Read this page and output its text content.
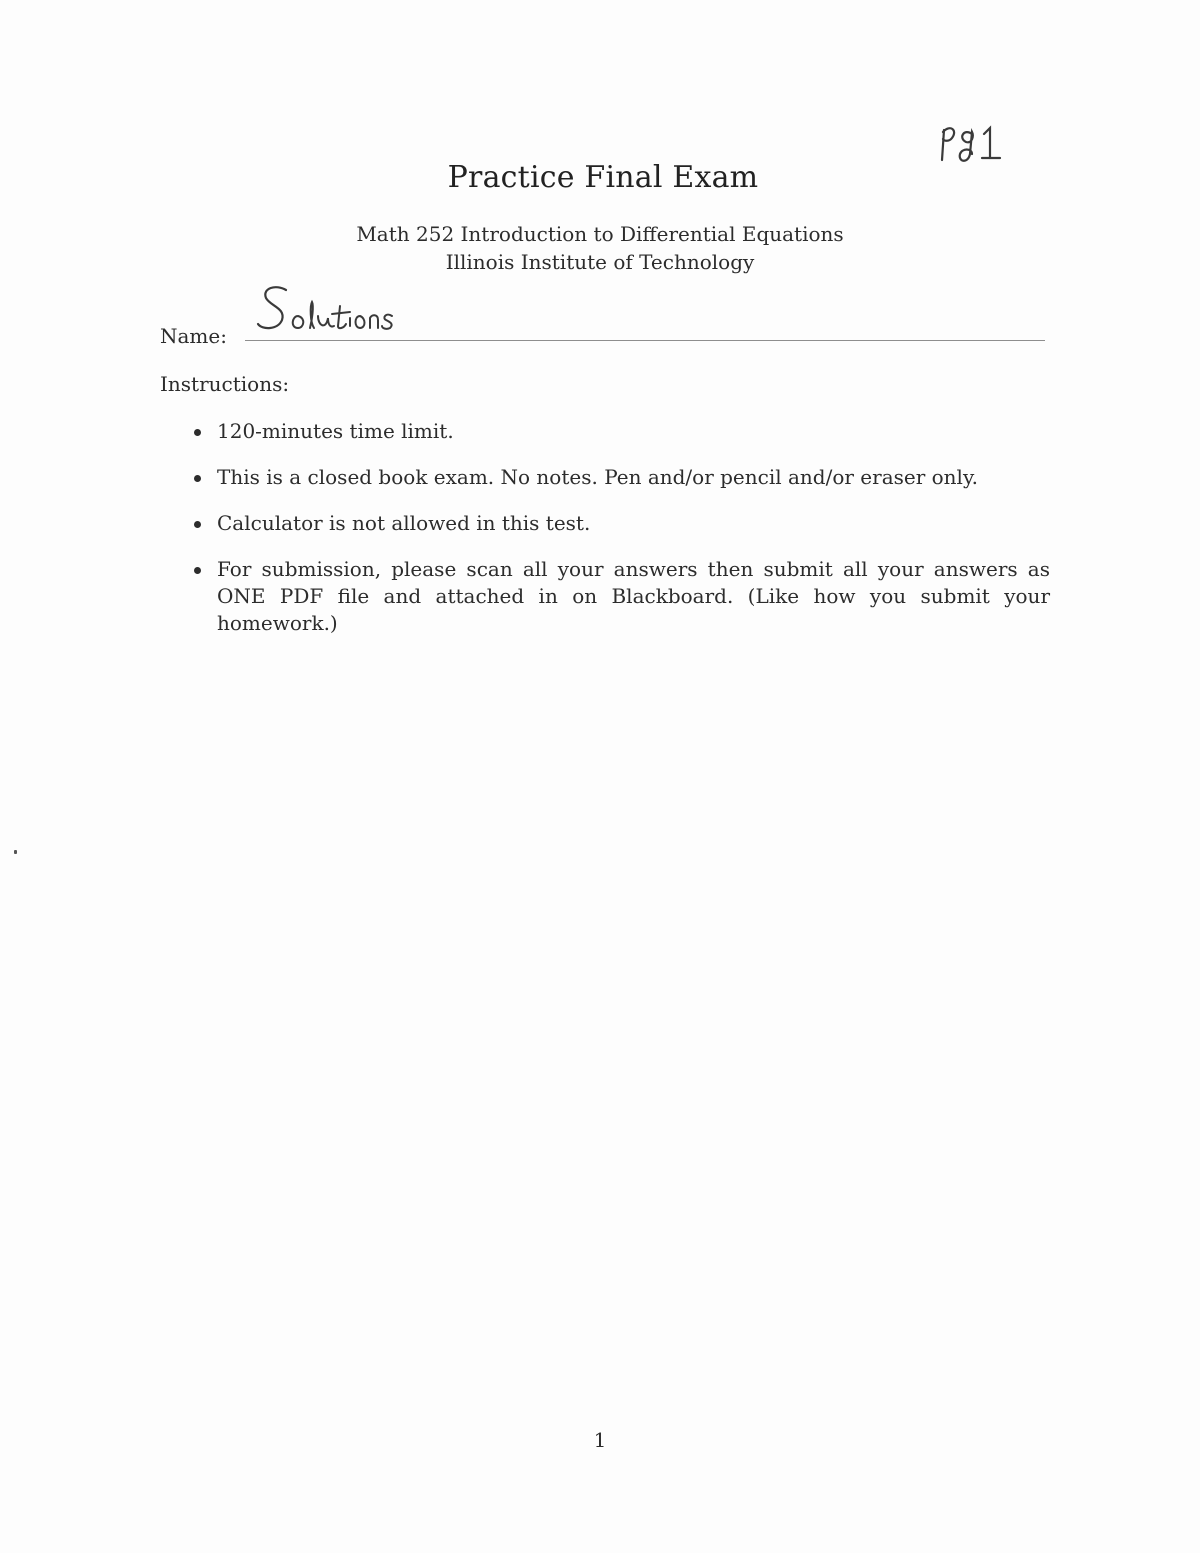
Practice Final Exam
Math 252 Introduction to Differential Equations
Illinois Institute of Technology
Name:
Instructions:
120-minutes time limit.
This is a closed book exam. No notes. Pen and/or pencil and/or eraser only.
Calculator is not allowed in this test.
For submission, please scan all your answers then submit all your answers as ONE PDF file and attached in on Blackboard. (Like how you submit your homework.)
1
